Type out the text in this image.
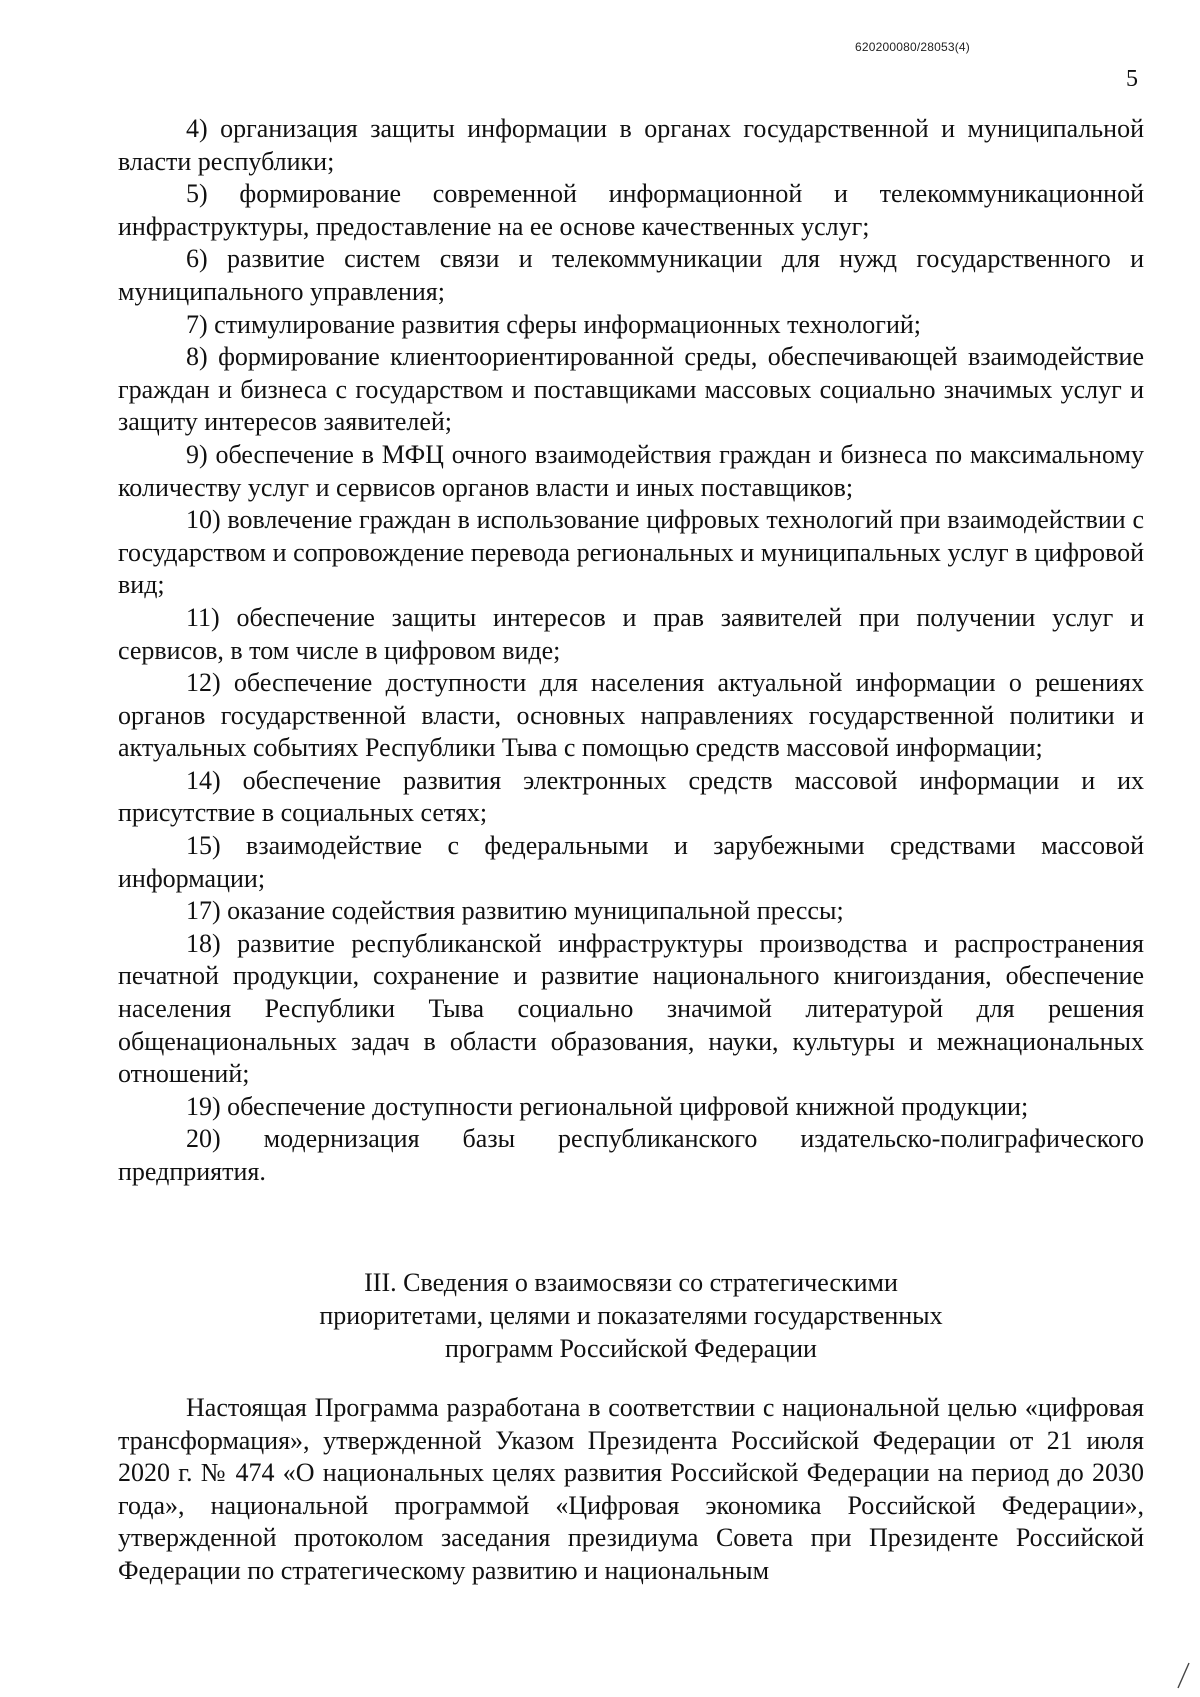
620200080/28053(4)
5

4) организация защиты информации в органах государственной и муниципальной власти республики;

5) формирование современной информационной и телекоммуникационной инфраструктуры, предоставление на ее основе качественных услуг;

6) развитие систем связи и телекоммуникации для нужд государственного и муниципального управления;

7) стимулирование развития сферы информационных технологий;

8) формирование клиентоориентированной среды, обеспечивающей взаимодействие граждан и бизнеса с государством и поставщиками массовых социально значимых услуг и защиту интересов заявителей;

9) обеспечение в МФЦ очного взаимодействия граждан и бизнеса по максимальному количеству услуг и сервисов органов власти и иных поставщиков;

10) вовлечение граждан в использование цифровых технологий при взаимодействии с государством и сопровождение перевода региональных и муниципальных услуг в цифровой вид;

11) обеспечение защиты интересов и прав заявителей при получении услуг и сервисов, в том числе в цифровом виде;

12) обеспечение доступности для населения актуальной информации о решениях органов государственной власти, основных направлениях государственной политики и актуальных событиях Республики Тыва с помощью средств массовой информации;

14) обеспечение развития электронных средств массовой информации и их присутствие в социальных сетях;

15) взаимодействие с федеральными и зарубежными средствами массовой информации;

17) оказание содействия развитию муниципальной прессы;

18) развитие республиканской инфраструктуры производства и распространения печатной продукции, сохранение и развитие национального книгоиздания, обеспечение населения Республики Тыва социально значимой литературой для решения общенациональных задач в области образования, науки, культуры и межнациональных отношений;

19) обеспечение доступности региональной цифровой книжной продукции;

20) модернизация базы республиканского издательско-полиграфического предприятия.

III. Сведения о взаимосвязи со стратегическими
приоритетами, целями и показателями государственных
программ Российской Федерации

Настоящая Программа разработана в соответствии с национальной целью «цифровая трансформация», утвержденной Указом Президента Российской Федерации от 21 июля 2020 г. № 474 «О национальных целях развития Российской Федерации на период до 2030 года», национальной программой «Цифровая экономика Российской Федерации», утвержденной протоколом заседания президиума Совета при Президенте Российской Федерации по стратегическому развитию и национальным
